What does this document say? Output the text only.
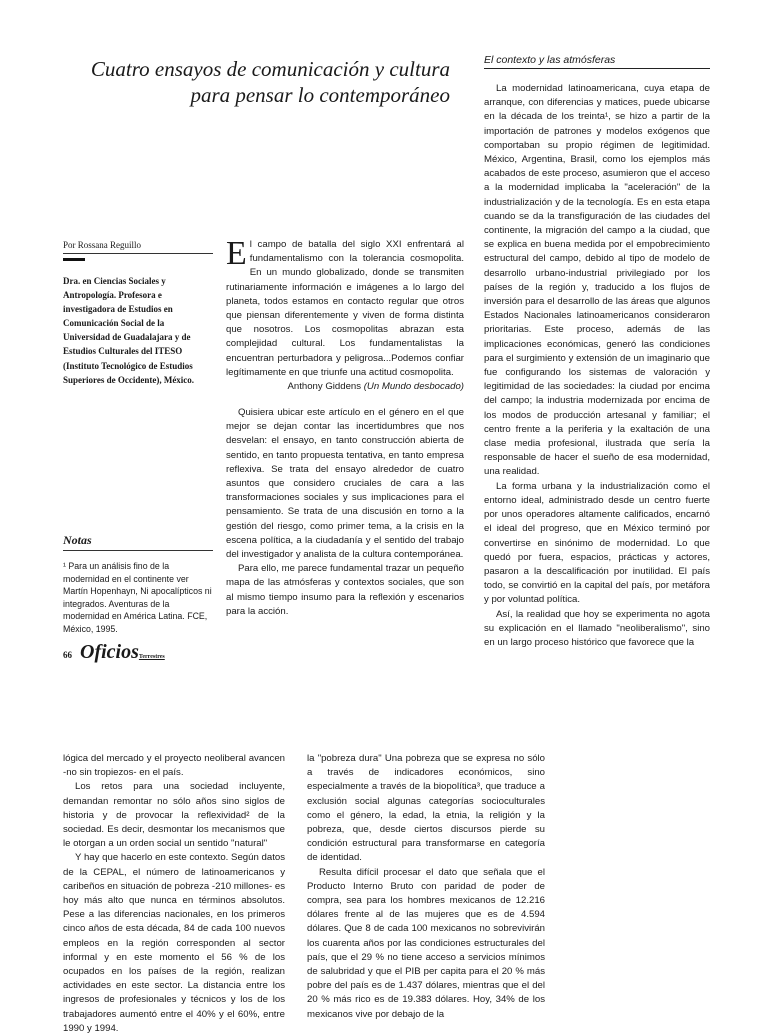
Cuatro ensayos de comunicación y cultura
para pensar lo contemporáneo
El contexto y las atmósferas
Por Rossana Reguillo
Dra. en Ciencias Sociales y Antropología. Profesora e investigadora de Estudios en Comunicación Social de la Universidad de Guadalajara y de Estudios Culturales del ITESO (Instituto Tecnológico de Estudios Superiores de Occidente), México.
El campo de batalla del siglo XXI enfrentará al fundamentalismo con la tolerancia cosmopolita. En un mundo globalizado, donde se transmiten rutinariamente información e imágenes a lo largo del planeta, todos estamos en contacto regular que otros que piensan diferentemente y viven de forma distinta que nosotros. Los cosmopolitas abrazan esta complejidad cultural. Los fundamentalistas la encuentran perturbadora y peligrosa...Podemos confiar legítimamente en que triunfe una actitud cosmopolita.
Anthony Giddens (Un Mundo desbocado)

Quisiera ubicar este artículo en el género en el que mejor se dejan contar las incertidumbres que nos desvelan: el ensayo, en tanto construcción abierta de sentido, en tanto propuesta tentativa, en tanto empresa reflexiva. Se trata del ensayo alrededor de cuatro asuntos que considero cruciales de cara a las transformaciones sociales y sus implicaciones para el pensamiento. Se trata de una discusión en torno a la gestión del riesgo, como primer tema, a la crisis en la escena política, a la ciudadanía y el sentido del trabajo del investigador y analista de la cultura contemporánea.

Para ello, me parece fundamental trazar un pequeño mapa de las atmósferas y contextos sociales, que son al mismo tiempo insumo para la reflexión y escenarios para la acción.

La modernidad latinoamericana, cuya etapa de arranque, con diferencias y matices, puede ubicarse en la década de los treinta¹, se hizo a partir de la importación de patrones y modelos exógenos que comportaban su propio régimen de legitimidad. México, Argentina, Brasil, como los ejemplos más acabados de este proceso, asumieron que el acceso a la modernidad implicaba la "aceleración" de la industrialización y de la tecnología. Es en esta etapa cuando se da la transfiguración de las ciudades del continente, la migración del campo a la ciudad, que se explica en buena medida por el empobrecimiento estructural del campo, debido al tipo de modelo de desarrollo urbano-industrial privilegiado por los países de la región y, traducido a los flujos de inversión para el desarrollo de las áreas que algunos Estados Nacionales latinoamericanos consideraron prioritarias. Este proceso, además de las implicaciones económicas, generó las condiciones para el surgimiento y extensión de un imaginario que fue configurando los sistemas de valoración y legitimidad de las sociedades: la ciudad por encima del campo; la industria modernizada por encima de los modos de producción artesanal y familiar; el centro frente a la periferia y la exaltación de una clase media profesional, ilustrada que sería la responsable de hacer el sueño de esa modernidad, una realidad.

La forma urbana y la industrialización como el entorno ideal, administrado desde un centro fuerte por unos operadores altamente calificados, encarnó el ideal del progreso, que en México terminó por convertirse en sinónimo de modernidad. Lo que quedó por fuera, espacios, prácticas y actores, pasaron a la descalificación por inutilidad. El país todo, se convirtió en la capital del país, por metáfora y por voluntad política.

Así, la realidad que hoy se experimenta no agota su explicación en el llamado "neoliberalismo", sino en un largo proceso histórico que favorece que la

Notas
¹ Para un análisis fino de la modernidad en el continente ver Martín Hopenhayn, Ni apocalípticos ni integrados. Aventuras de la modernidad en América Latina. FCE, México, 1995.
66 OficiosTerrestres

lógica del mercado y el proyecto neoliberal avancen -no sin tropiezos- en el país.

Los retos para una sociedad incluyente, demandan remontar no sólo años sino siglos de historia y de provocar la reflexividad² de la sociedad. Es decir, desmontar los mecanismos que le otorgan a un orden social un sentido "natural"

Y hay que hacerlo en este contexto. Según datos de la CEPAL, el número de latinoamericanos y caribeños en situación de pobreza -210 millones- es hoy más alto que nunca en términos absolutos. Pese a las diferencias nacionales, en los primeros cinco años de esta década, 84 de cada 100 nuevos empleos en la región corresponden al sector informal y en este momento el 56 % de los ocupados en los países de la región, realizan actividades en este sector. La distancia entre los ingresos de profesionales y técnicos y los de los trabajadores aumentó entre el 40% y el 60%, entre 1990 y 1994.

la "pobreza dura" Una pobreza que se expresa no sólo a través de indicadores económicos, sino especialmente a través de la biopolítica³, que traduce a exclusión social algunas categorías socioculturales como el género, la edad, la etnia, la religión y la pobreza, que, desde ciertos discursos pierde su condición estructural para transformarse en categoría de identidad.

Resulta difícil procesar el dato que señala que el Producto Interno Bruto con paridad de poder de compra, sea para los hombres mexicanos de 12.216 dólares frente al de las mujeres que es de 4.594 dólares. Que 8 de cada 100 mexicanos no sobrevivirán los cuarenta años por las condiciones estructurales del país, que el 29 % no tiene acceso a servicios mínimos de salubridad y que el PIB per capita para el 20 % más pobre del país es de 1.437 dólares, mientras que el del 20 % más rico es de 19.383 dólares. Hoy, 34% de los mexicanos vive por debajo de la
